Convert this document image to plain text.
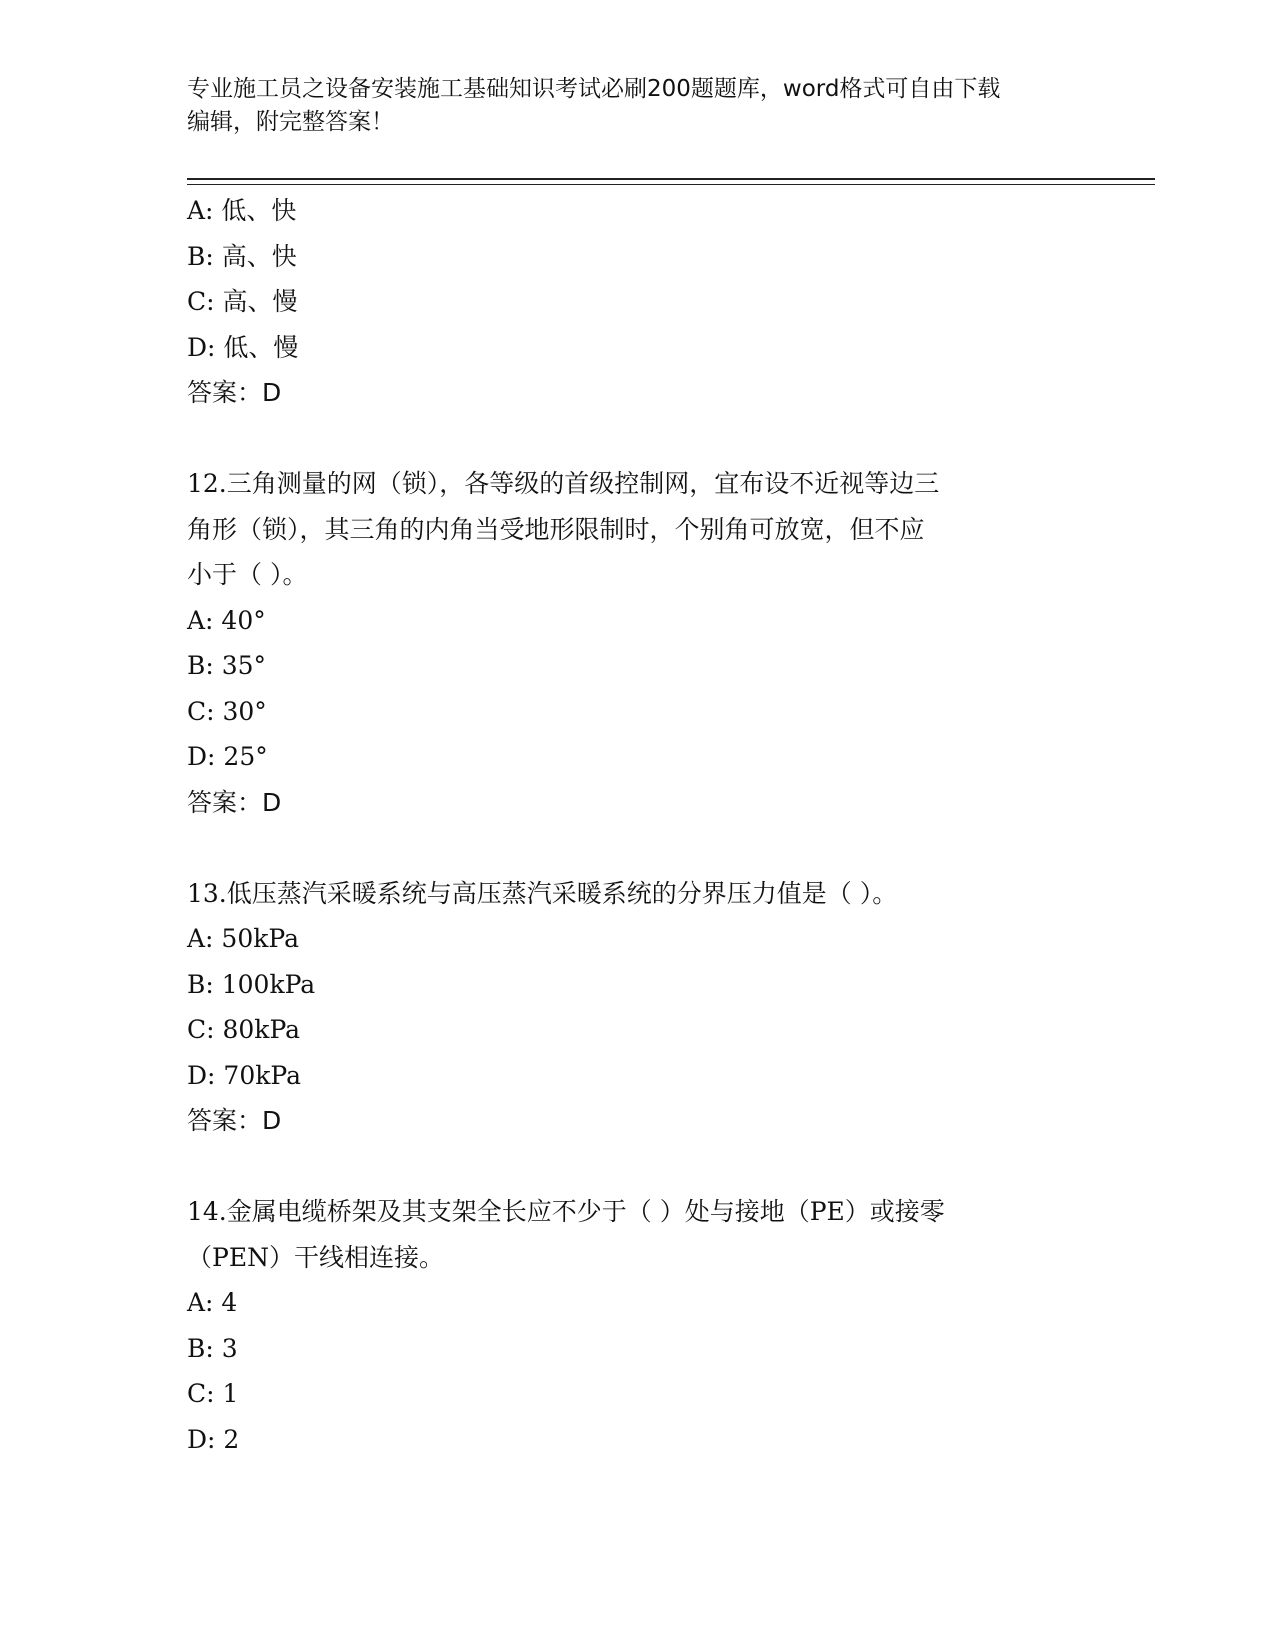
专业施工员之设备安装施工基础知识考试必刷200题题库，word格式可自由下载
编辑，附完整答案！
A: 低、快
B: 高、快
C: 高、慢
D: 低、慢
答案：D
12.三角测量的网（锁），各等级的首级控制网，宜布设不近视等边三
角形（锁），其三角的内角当受地形限制时，个别角可放宽，但不应
小于（ ）。
A: 40°
B: 35°
C: 30°
D: 25°
答案：D
13.低压蒸汽采暖系统与高压蒸汽采暖系统的分界压力值是（ ）。
A: 50kPa
B: 100kPa
C: 80kPa
D: 70kPa
答案：D
14.金属电缆桥架及其支架全长应不少于（ ）处与接地（PE）或接零
（PEN）干线相连接。
A: 4
B: 3
C: 1
D: 2
